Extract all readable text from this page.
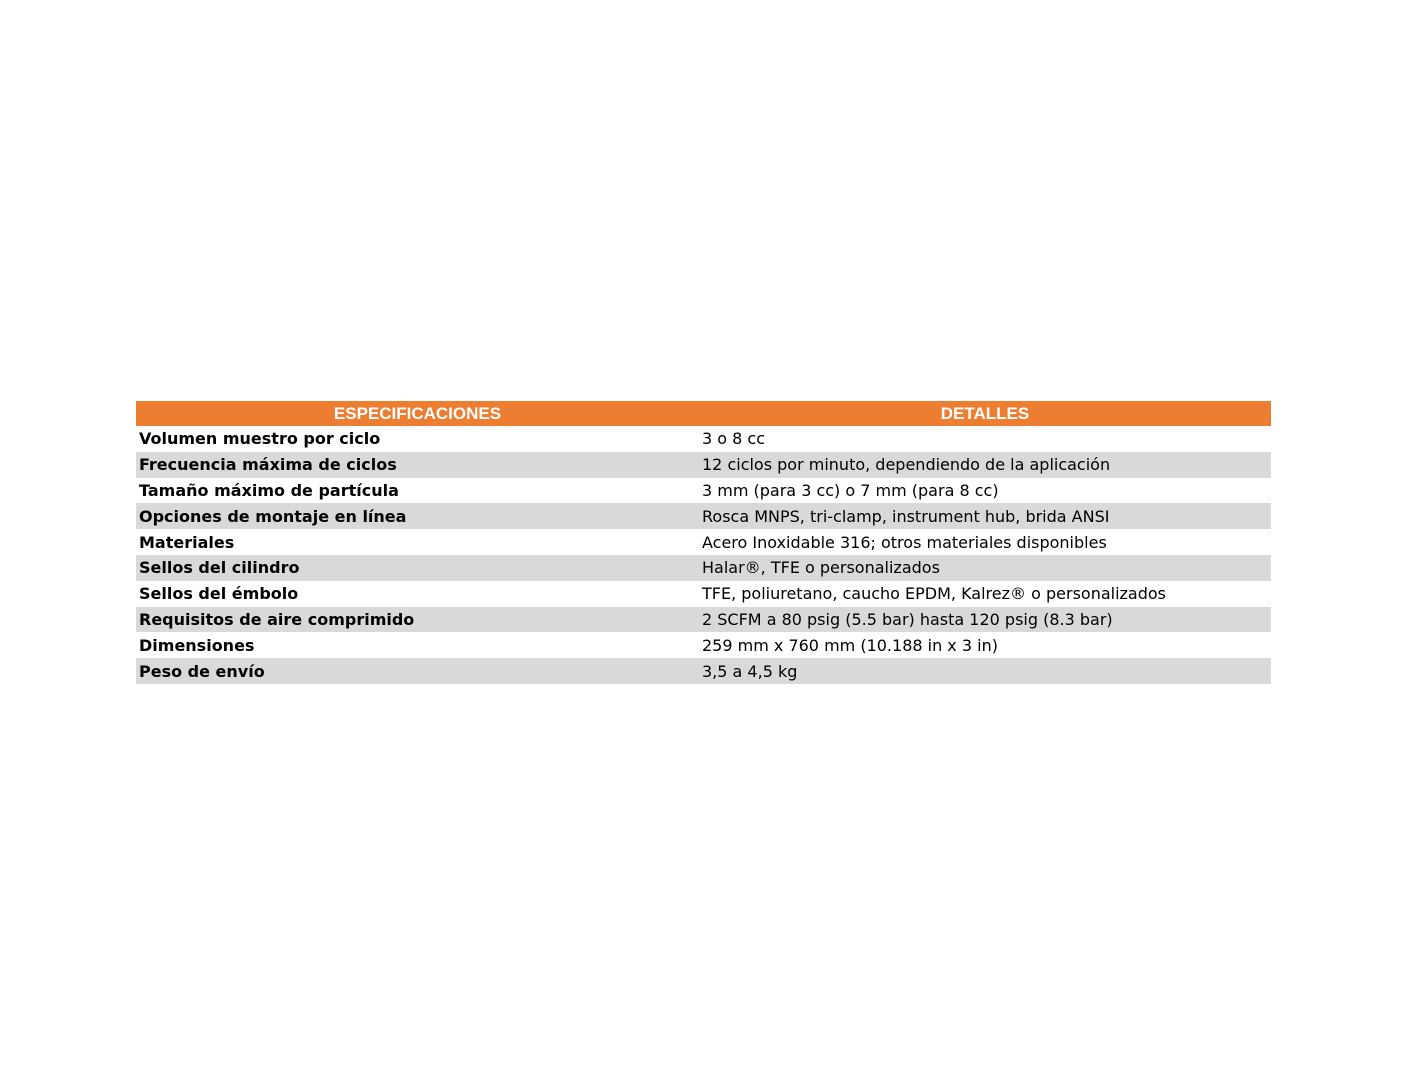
ESPECIFICACIONES	DETALLES
Volumen muestro por ciclo	3 o 8 cc
Frecuencia máxima de ciclos	12 ciclos por minuto, dependiendo de la aplicación
Tamaño máximo de partícula	3 mm (para 3 cc) o 7 mm (para 8 cc)
Opciones de montaje en línea	Rosca MNPS, tri-clamp, instrument hub, brida ANSI
Materiales	Acero Inoxidable 316; otros materiales disponibles
Sellos del cilindro	Halar®, TFE o personalizados
Sellos del émbolo	TFE, poliuretano, caucho EPDM, Kalrez® o personalizados
Requisitos de aire comprimido	2 SCFM a 80 psig (5.5 bar) hasta 120 psig (8.3 bar)
Dimensiones	259 mm x 760 mm (10.188 in x 3 in)
Peso de envío	3,5 a 4,5 kg
